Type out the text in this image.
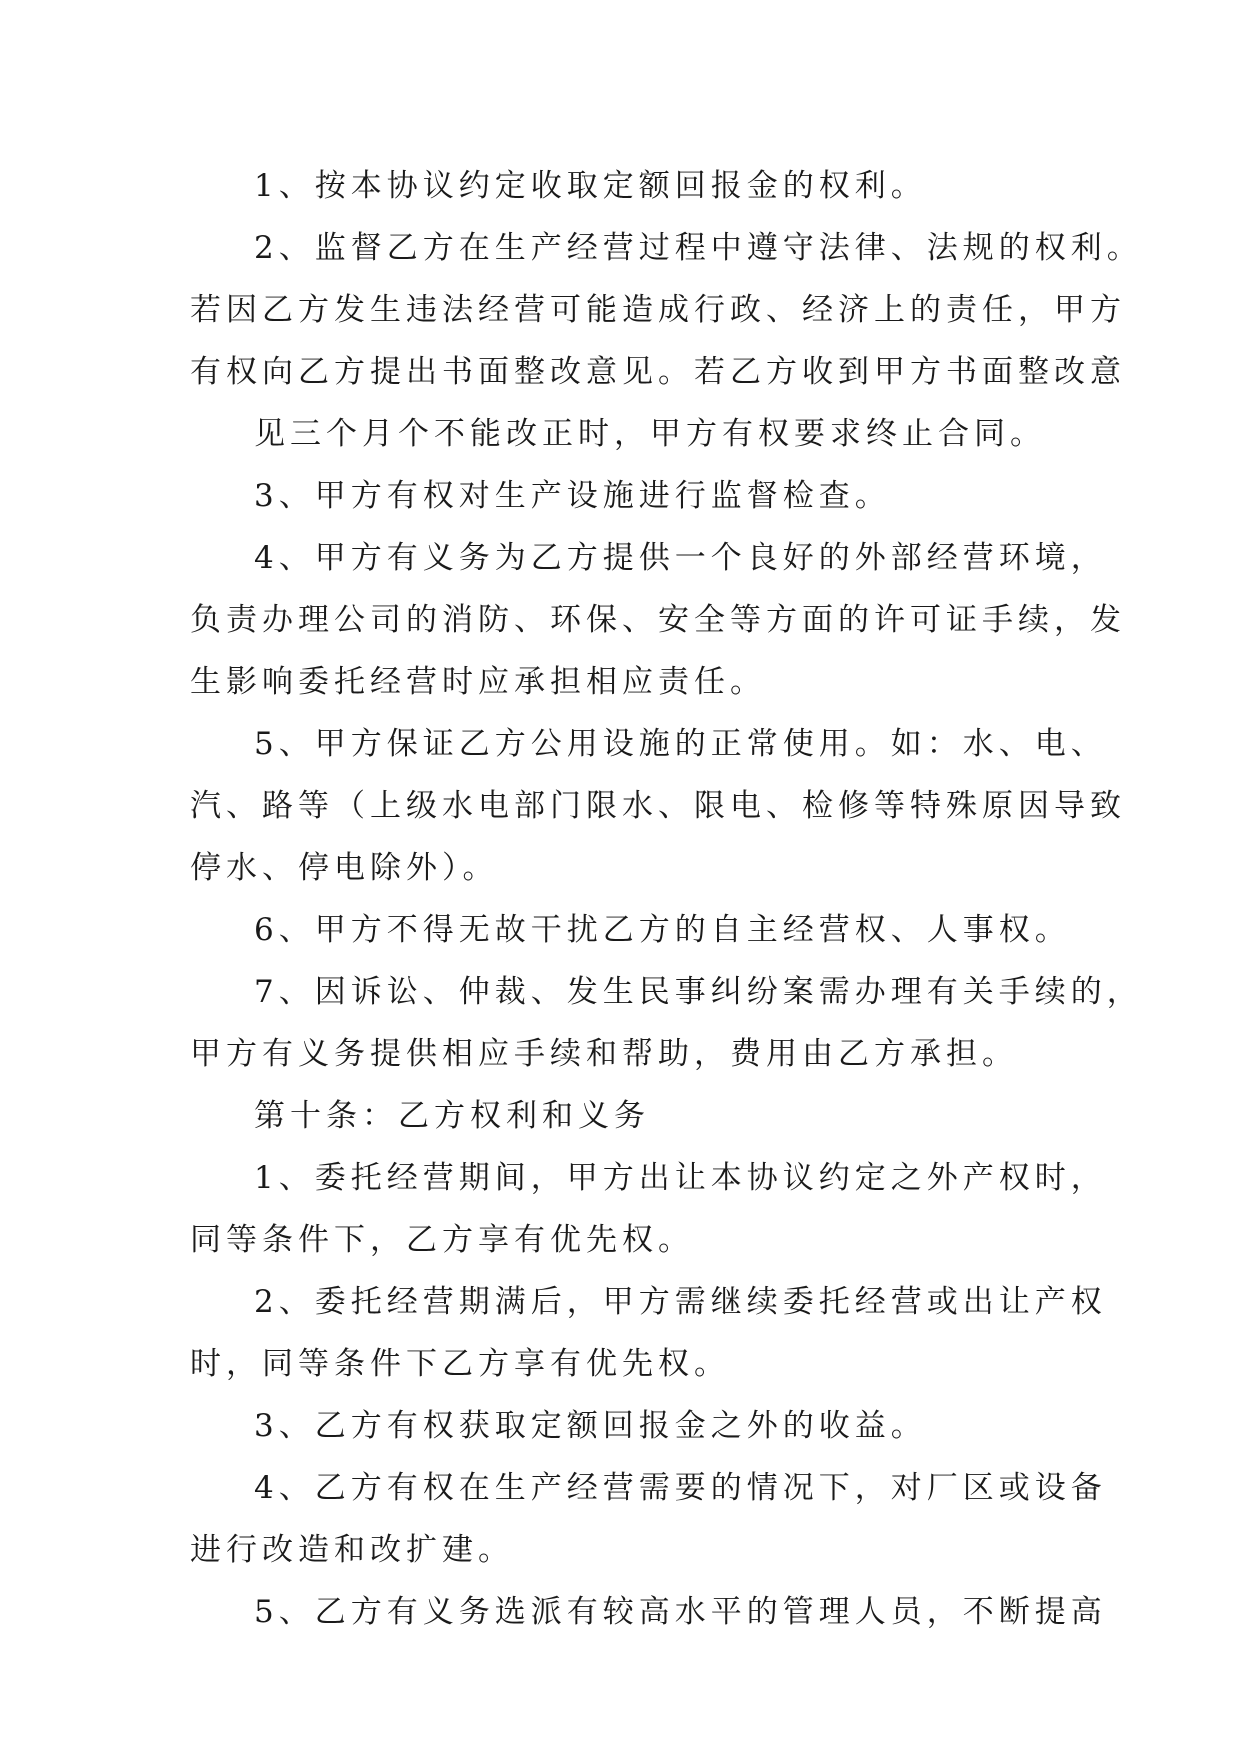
1、按本协议约定收取定额回报金的权利。
2、监督乙方在生产经营过程中遵守法律、法规的权利。
若因乙方发生违法经营可能造成行政、经济上的责任，甲方
有权向乙方提出书面整改意见。若乙方收到甲方书面整改意
见三个月个不能改正时，甲方有权要求终止合同。
3、甲方有权对生产设施进行监督检查。
4、甲方有义务为乙方提供一个良好的外部经营环境，
负责办理公司的消防、环保、安全等方面的许可证手续，发
生影响委托经营时应承担相应责任。
5、甲方保证乙方公用设施的正常使用。如：水、电、
汽、路等（上级水电部门限水、限电、检修等特殊原因导致
停水、停电除外）。
6、甲方不得无故干扰乙方的自主经营权、人事权。
7、因诉讼、仲裁、发生民事纠纷案需办理有关手续的，
甲方有义务提供相应手续和帮助，费用由乙方承担。
第十条：乙方权利和义务
1、委托经营期间，甲方出让本协议约定之外产权时，
同等条件下，乙方享有优先权。
2、委托经营期满后，甲方需继续委托经营或出让产权
时，同等条件下乙方享有优先权。
3、乙方有权获取定额回报金之外的收益。
4、乙方有权在生产经营需要的情况下，对厂区或设备
进行改造和改扩建。
5、乙方有义务选派有较高水平的管理人员，不断提高
